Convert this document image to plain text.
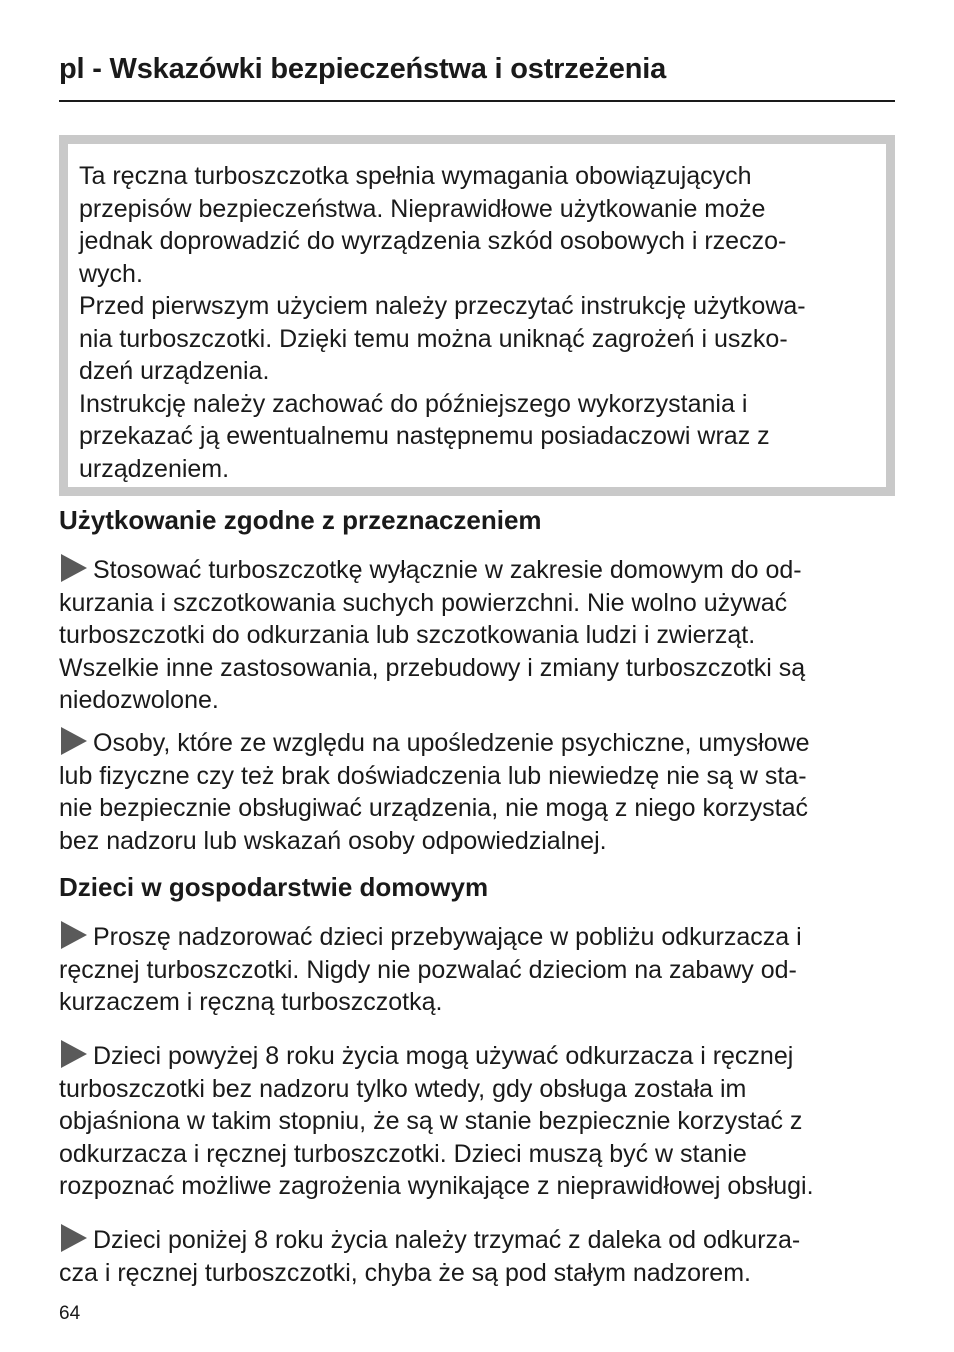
pl - Wskazówki bezpieczeństwa i ostrzeżenia

Ta ręczna turboszczotka spełnia wymagania obowiązujących
przepisów bezpieczeństwa. Nieprawidłowe użytkowanie może
jednak doprowadzić do wyrządzenia szkód osobowych i rzeczo-
wych.
Przed pierwszym użyciem należy przeczytać instrukcję użytkowa-
nia turboszczotki. Dzięki temu można uniknąć zagrożeń i uszko-
dzeń urządzenia.
Instrukcję należy zachować do późniejszego wykorzystania i
przekazać ją ewentualnemu następnemu posiadaczowi wraz z
urządzeniem.

Użytkowanie zgodne z przeznaczeniem

Stosować turboszczotkę wyłącznie w zakresie domowym do od-
kurzania i szczotkowania suchych powierzchni. Nie wolno używać
turboszczotki do odkurzania lub szczotkowania ludzi i zwierząt.
Wszelkie inne zastosowania, przebudowy i zmiany turboszczotki są
niedozwolone.

Osoby, które ze względu na upośledzenie psychiczne, umysłowe
lub fizyczne czy też brak doświadczenia lub niewiedzę nie są w sta-
nie bezpiecznie obsługiwać urządzenia, nie mogą z niego korzystać
bez nadzoru lub wskazań osoby odpowiedzialnej.

Dzieci w gospodarstwie domowym

Proszę nadzorować dzieci przebywające w pobliżu odkurzacza i
ręcznej turboszczotki. Nigdy nie pozwalać dzieciom na zabawy od-
kurzaczem i ręczną turboszczotką.

Dzieci powyżej 8 roku życia mogą używać odkurzacza i ręcznej
turboszczotki bez nadzoru tylko wtedy, gdy obsługa została im
objaśniona w takim stopniu, że są w stanie bezpiecznie korzystać z
odkurzacza i ręcznej turboszczotki. Dzieci muszą być w stanie
rozpoznać możliwe zagrożenia wynikające z nieprawidłowej obsługi.

Dzieci poniżej 8 roku życia należy trzymać z daleka od odkurza-
cza i ręcznej turboszczotki, chyba że są pod stałym nadzorem.

64
